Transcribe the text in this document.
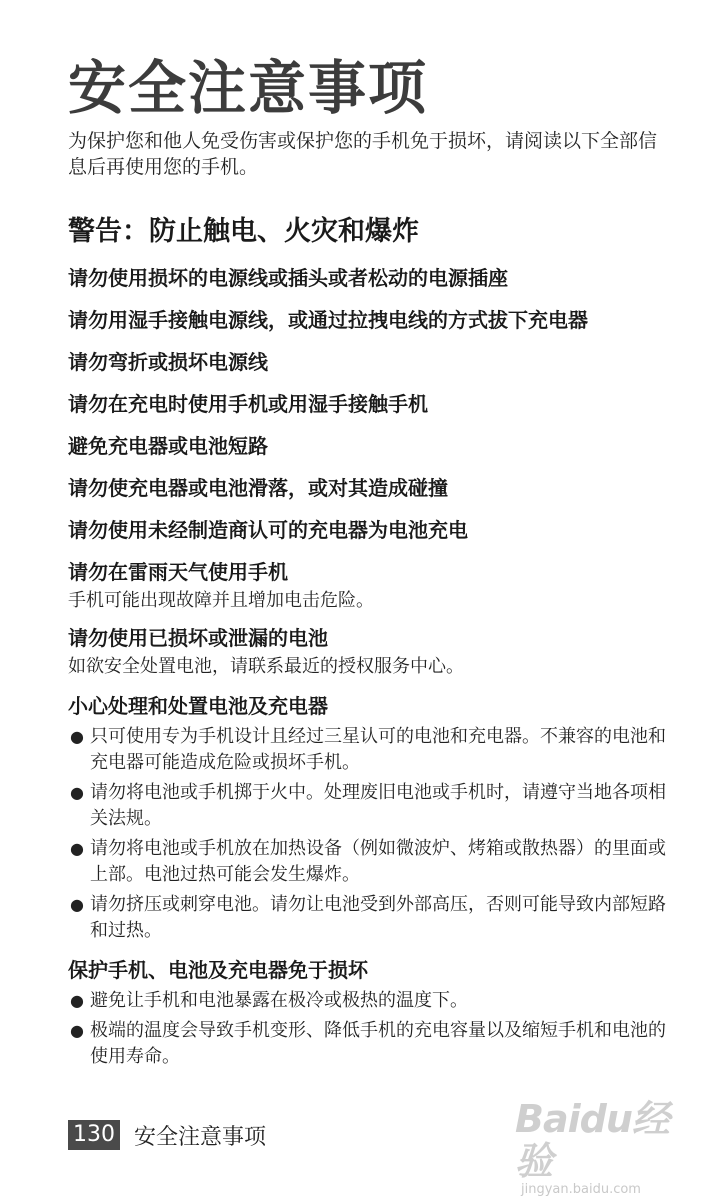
安全注意事项

为保护您和他人免受伤害或保护您的手机免于损坏，请阅读以下全部信息后再使用您的手机。

警告：防止触电、火灾和爆炸

请勿使用损坏的电源线或插头或者松动的电源插座

请勿用湿手接触电源线，或通过拉拽电线的方式拔下充电器

请勿弯折或损坏电源线

请勿在充电时使用手机或用湿手接触手机

避免充电器或电池短路

请勿使充电器或电池滑落，或对其造成碰撞

请勿使用未经制造商认可的充电器为电池充电

请勿在雷雨天气使用手机

手机可能出现故障并且增加电击危险。

请勿使用已损坏或泄漏的电池

如欲安全处置电池，请联系最近的授权服务中心。

小心处理和处置电池及充电器
● 只可使用专为手机设计且经过三星认可的电池和充电器。不兼容的电池和充电器可能造成危险或损坏手机。
● 请勿将电池或手机掷于火中。处理废旧电池或手机时，请遵守当地各项相关法规。
● 请勿将电池或手机放在加热设备（例如微波炉、烤箱或散热器）的里面或上部。电池过热可能会发生爆炸。
● 请勿挤压或刺穿电池。请勿让电池受到外部高压，否则可能导致内部短路和过热。
保护手机、电池及充电器免于损坏
● 避免让手机和电池暴露在极冷或极热的温度下。
● 极端的温度会导致手机变形、降低手机的充电容量以及缩短手机和电池的使用寿命。
130 安全注意事项	Baidu经验
jingyan.baidu.com
